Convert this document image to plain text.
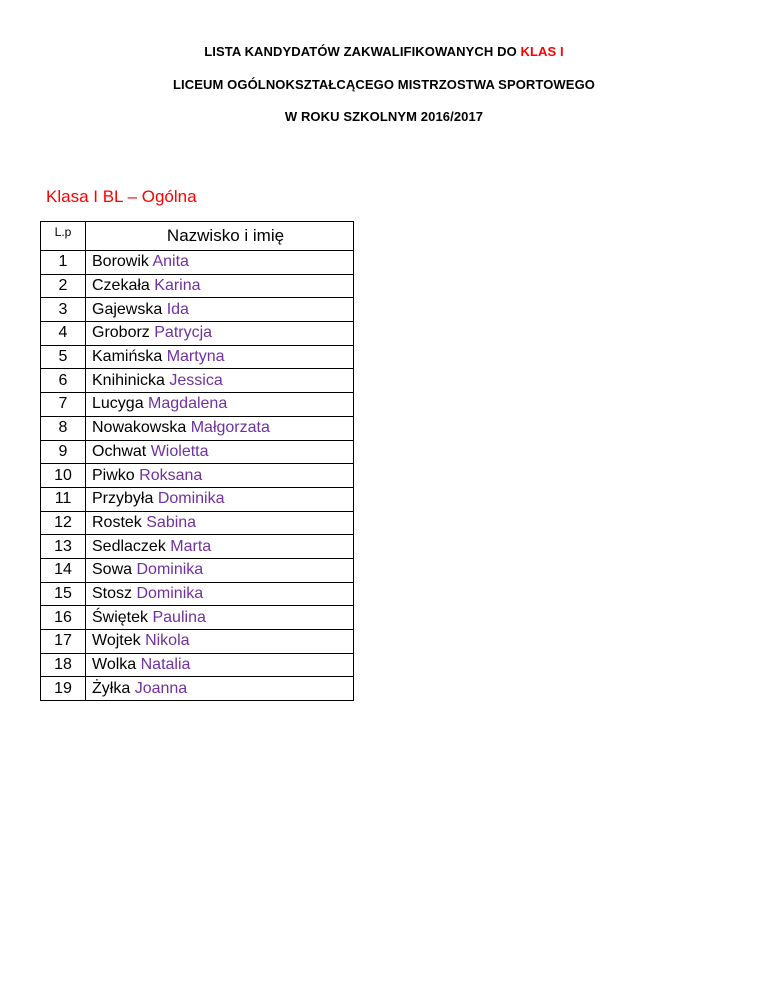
LISTA KANDYDATÓW ZAKWALIFIKOWANYCH DO KLAS I
LICEUM OGÓLNOKSZTAŁCĄCEGO MISTRZOSTWA SPORTOWEGO
W ROKU SZKOLNYM 2016/2017
Klasa I BL – Ogólna
L.p	Nazwisko i imię
1	Borowik Anita
2	Czekała Karina
3	Gajewska Ida
4	Groborz Patrycja
5	Kamińska Martyna
6	Knihinicka Jessica
7	Lucyga Magdalena
8	Nowakowska Małgorzata
9	Ochwat Wioletta
10	Piwko Roksana
11	Przybyła Dominika
12	Rostek Sabina
13	Sedlaczek Marta
14	Sowa Dominika
15	Stosz Dominika
16	Świętek Paulina
17	Wojtek Nikola
18	Wolka Natalia
19	Żyłka Joanna
